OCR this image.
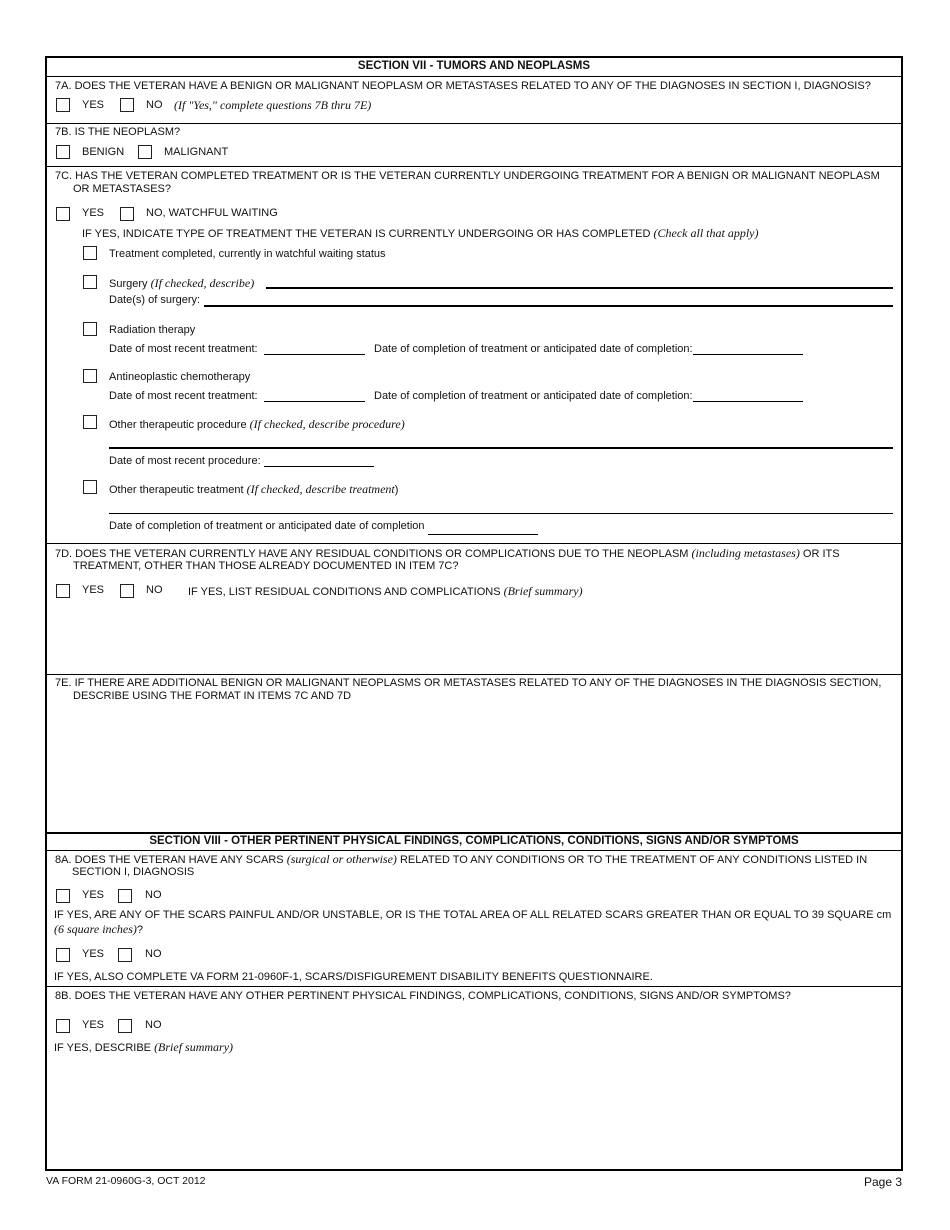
SECTION VII - TUMORS AND NEOPLASMS
7A. DOES THE VETERAN HAVE A BENIGN OR MALIGNANT NEOPLASM OR METASTASES RELATED TO ANY OF THE DIAGNOSES IN SECTION I, DIAGNOSIS?
YES	NO (If "Yes," complete questions 7B thru 7E)
7B. IS THE NEOPLASM?
BENIGN	MALIGNANT
7C. HAS THE VETERAN COMPLETED TREATMENT OR IS THE VETERAN CURRENTLY UNDERGOING TREATMENT FOR A BENIGN OR MALIGNANT NEOPLASM
OR METASTASES?
YES	NO, WATCHFUL WAITING
IF YES, INDICATE TYPE OF TREATMENT THE VETERAN IS CURRENTLY UNDERGOING OR HAS COMPLETED (Check all that apply)
Treatment completed, currently in watchful waiting status
Surgery (If checked, describe)
Date(s) of surgery:
Radiation therapy
Date of most recent treatment:	Date of completion of treatment or anticipated date of completion:
Antineoplastic chemotherapy
Date of most recent treatment:	Date of completion of treatment or anticipated date of completion:
Other therapeutic procedure (If checked, describe procedure)
Date of most recent procedure:
Other therapeutic treatment (If checked, describe treatment)
Date of completion of treatment or anticipated date of completion
7D. DOES THE VETERAN CURRENTLY HAVE ANY RESIDUAL CONDITIONS OR COMPLICATIONS DUE TO THE NEOPLASM (including metastases) OR ITS
TREATMENT, OTHER THAN THOSE ALREADY DOCUMENTED IN ITEM 7C?
YES	NO IF YES, LIST RESIDUAL CONDITIONS AND COMPLICATIONS (Brief summary)
7E. IF THERE ARE ADDITIONAL BENIGN OR MALIGNANT NEOPLASMS OR METASTASES RELATED TO ANY OF THE DIAGNOSES IN THE DIAGNOSIS SECTION,
DESCRIBE USING THE FORMAT IN ITEMS 7C AND 7D
SECTION VIII - OTHER PERTINENT PHYSICAL FINDINGS, COMPLICATIONS, CONDITIONS, SIGNS AND/OR SYMPTOMS
8A. DOES THE VETERAN HAVE ANY SCARS (surgical or otherwise) RELATED TO ANY CONDITIONS OR TO THE TREATMENT OF ANY CONDITIONS LISTED IN
SECTION I, DIAGNOSIS
YES	NO
IF YES, ARE ANY OF THE SCARS PAINFUL AND/OR UNSTABLE, OR IS THE TOTAL AREA OF ALL RELATED SCARS GREATER THAN OR EQUAL TO 39 SQUARE cm
(6 square inches)?
YES	NO
IF YES, ALSO COMPLETE VA FORM 21-0960F-1, SCARS/DISFIGUREMENT DISABILITY BENEFITS QUESTIONNAIRE.
8B. DOES THE VETERAN HAVE ANY OTHER PERTINENT PHYSICAL FINDINGS, COMPLICATIONS, CONDITIONS, SIGNS AND/OR SYMPTOMS?
YES	NO
IF YES, DESCRIBE (Brief summary)
VA FORM 21-0960G-3, OCT 2012	Page 3
